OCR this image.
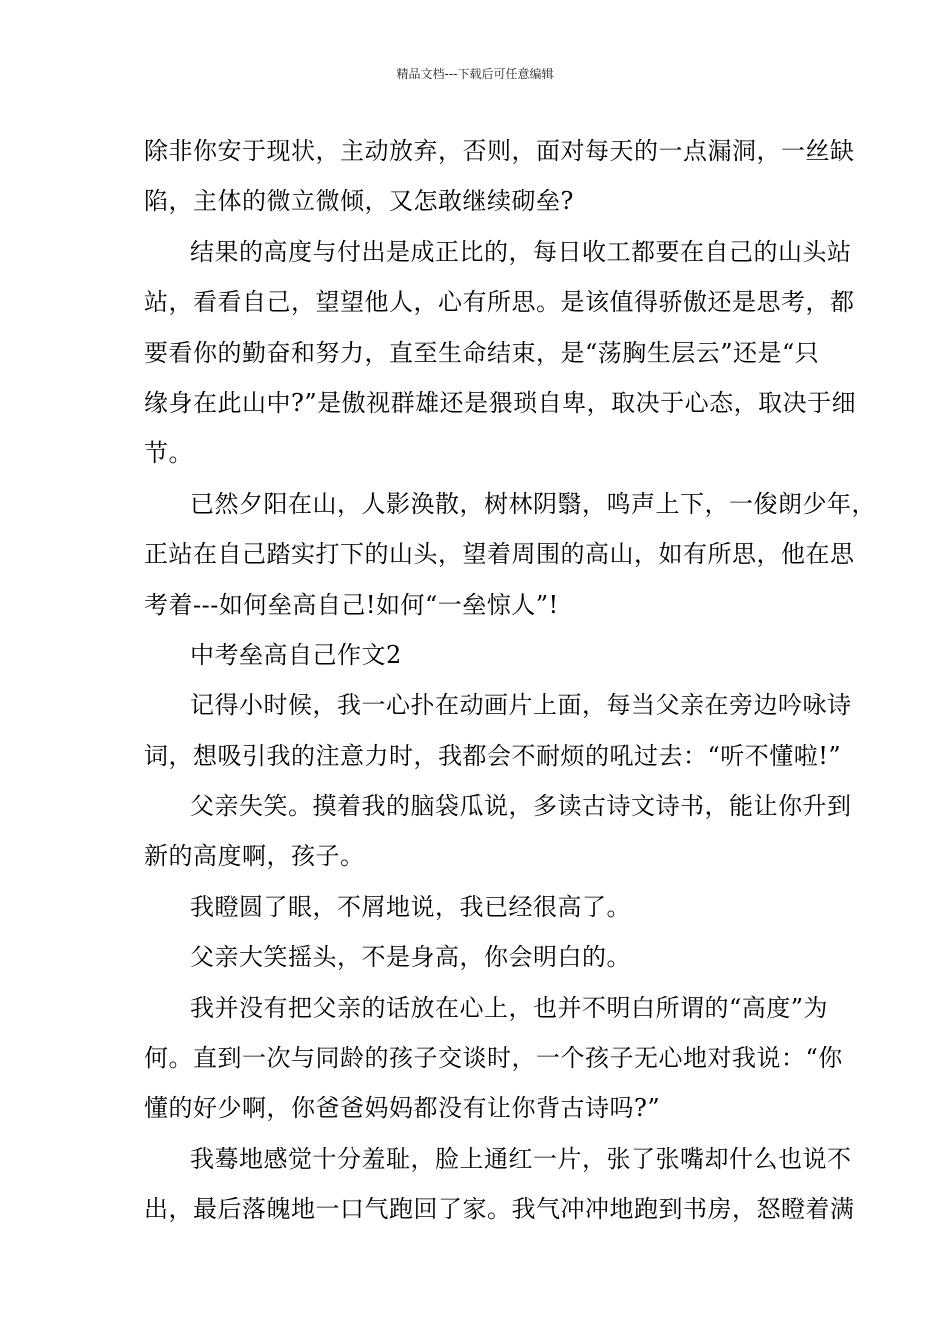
精品文档---下载后可任意编辑
除非你安于现状，主动放弃，否则，面对每天的一点漏洞，一丝缺
陷，主体的微立微倾，又怎敢继续砌垒?
结果的高度与付出是成正比的，每日收工都要在自己的山头站
站，看看自己，望望他人，心有所思。是该值得骄傲还是思考，都
要看你的勤奋和努力，直至生命结束，是“荡胸生层云”还是“只
缘身在此山中?”是傲视群雄还是猥琐自卑，取决于心态，取决于细
节。
已然夕阳在山，人影涣散，树林阴翳，鸣声上下，一俊朗少年，
正站在自己踏实打下的山头，望着周围的高山，如有所思，他在思
考着---如何垒高自己!如何“一垒惊人”!
中考垒高自己作文2
记得小时候，我一心扑在动画片上面，每当父亲在旁边吟咏诗
词，想吸引我的注意力时，我都会不耐烦的吼过去：“听不懂啦!”
父亲失笑。摸着我的脑袋瓜说，多读古诗文诗书，能让你升到
新的高度啊，孩子。
我瞪圆了眼，不屑地说，我已经很高了。
父亲大笑摇头，不是身高，你会明白的。
我并没有把父亲的话放在心上，也并不明白所谓的“高度”为
何。直到一次与同龄的孩子交谈时，一个孩子无心地对我说：“你
懂的好少啊，你爸爸妈妈都没有让你背古诗吗?”
我蓦地感觉十分羞耻，脸上通红一片，张了张嘴却什么也说不
出，最后落魄地一口气跑回了家。我气冲冲地跑到书房，怒瞪着满
